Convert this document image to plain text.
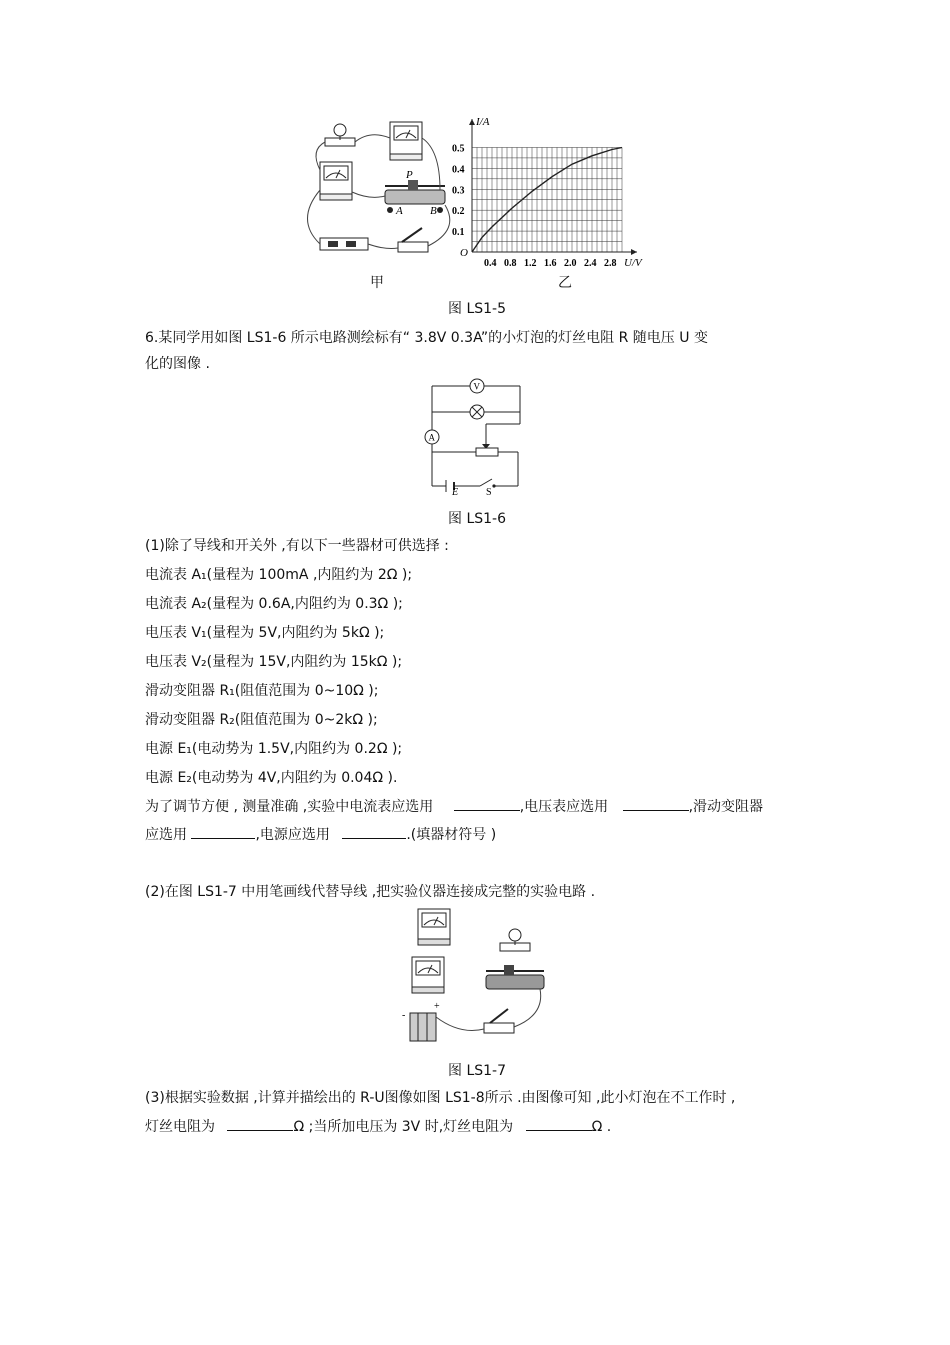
P
A B
甲
0.4 0.8 1.2 1.6 2.0 2.4 2.8
0.1
0.2
0.3
0.4
0.5
I/A
U/V
O
乙
图 LS1-5
6.某同学用如图 LS1-6 所示电路测绘标有“ 3.8V 0.3A”的小灯泡的灯丝电阻 R 随电压 U 变
化的图像 .
V
A
E	S
图 LS1-6
(1)除了导线和开关外 ,有以下一些器材可供选择 :
电流表 A₁(量程为 100mA ,内阻约为 2Ω );
电流表 A₂(量程为 0.6A,内阻约为 0.3Ω );
电压表 V₁(量程为 5V,内阻约为 5kΩ );
电压表 V₂(量程为 15V,内阻约为 15kΩ );
滑动变阻器 R₁(阻值范围为 0~10Ω );
滑动变阻器 R₂(阻值范围为 0~2kΩ );
电源 E₁(电动势为 1.5V,内阻约为 0.2Ω );
电源 E₂(电动势为 4V,内阻约为 0.04Ω ).
为了调节方便 , 测量准确 ,实验中电流表应选用	,电压表应选用	,滑动变阻器
应选用	,电源应选用	.(填器材符号 )
(2)在图 LS1-7 中用笔画线代替导线 ,把实验仪器连接成完整的实验电路 .
-
+
图 LS1-7
(3)根据实验数据 ,计算并描绘出的 R-U图像如图 LS1-8所示 .由图像可知 ,此小灯泡在不工作时 ,
灯丝电阻为	Ω ;当所加电压为 3V 时,灯丝电阻为	Ω .
